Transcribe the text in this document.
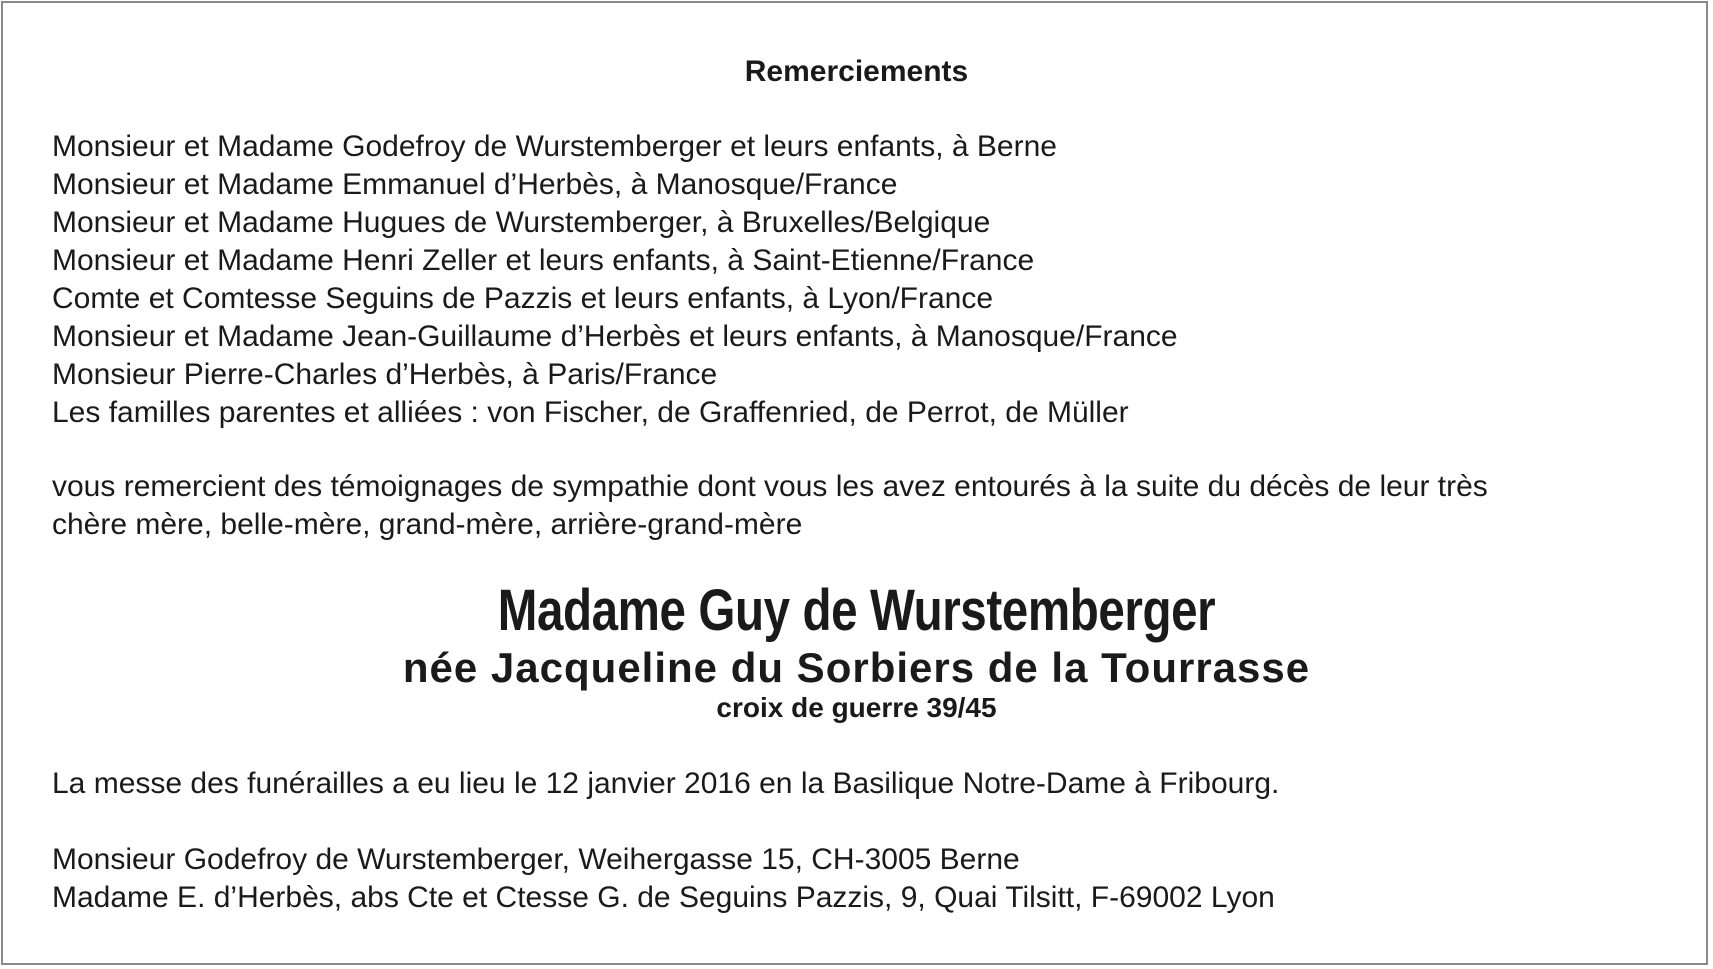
Remerciements
Monsieur et Madame Godefroy de Wurstemberger et leurs enfants, à Berne
Monsieur et Madame Emmanuel d’Herbès, à Manosque/France
Monsieur et Madame Hugues de Wurstemberger, à Bruxelles/Belgique
Monsieur et Madame Henri Zeller et leurs enfants, à Saint-Etienne/France
Comte et Comtesse Seguins de Pazzis et leurs enfants, à Lyon/France
Monsieur et Madame Jean-Guillaume d’Herbès et leurs enfants, à Manosque/France
Monsieur Pierre-Charles d’Herbès, à Paris/France
Les familles parentes et alliées : von Fischer, de Graffenried, de Perrot, de Müller
vous remercient des témoignages de sympathie dont vous les avez entourés à la suite du décès de leur très
chère mère, belle-mère, grand-mère, arrière-grand-mère
Madame Guy de Wurstemberger
née Jacqueline du Sorbiers de la Tourrasse
croix de guerre 39/45
La messe des funérailles a eu lieu le 12 janvier 2016 en la Basilique Notre-Dame à Fribourg.
Monsieur Godefroy de Wurstemberger, Weihergasse 15, CH-3005 Berne
Madame E. d’Herbès, abs Cte et Ctesse G. de Seguins Pazzis, 9, Quai Tilsitt, F-69002 Lyon
